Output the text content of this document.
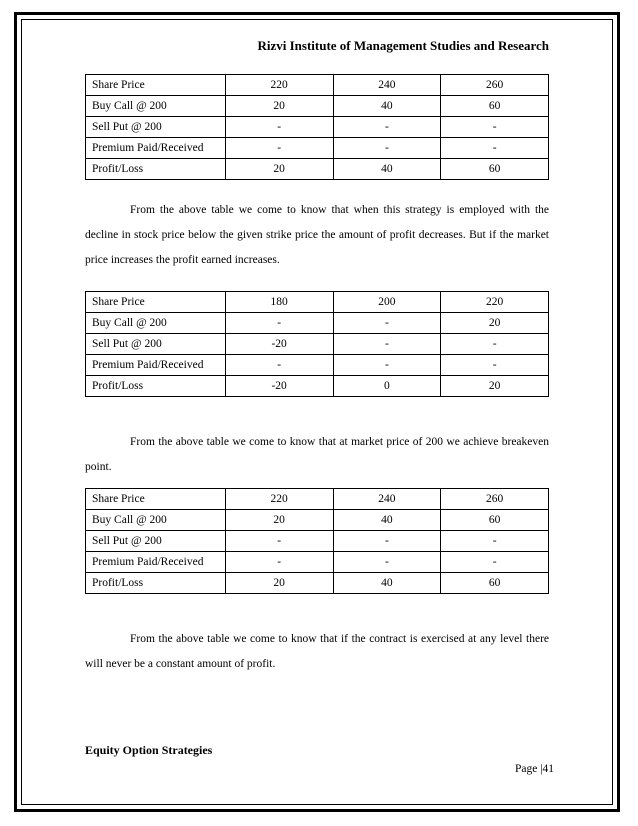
Rizvi Institute of Management Studies and Research
Share Price	220	240	260
Buy Call @ 200	20	40	60
Sell Put @ 200	-	-	-
Premium Paid/Received	-	-	-
Profit/Loss	20	40	60

From the above table we come to know that when this strategy is employed with the decline in stock price below the given strike price the amount of profit decreases. But if the market price increases the profit earned increases.

Share Price	180	200	220
Buy Call @ 200	-	-	20
Sell Put @ 200	-20	-	-
Premium Paid/Received	-	-	-
Profit/Loss	-20	0	20

From the above table we come to know that at market price of 200 we achieve breakeven point.

Share Price	220	240	260
Buy Call @ 200	20	40	60
Sell Put @ 200	-	-	-
Premium Paid/Received	-	-	-
Profit/Loss	20	40	60

From the above table we come to know that if the contract is exercised at any level there will never be a constant amount of profit.

Equity Option Strategies
Page |41
